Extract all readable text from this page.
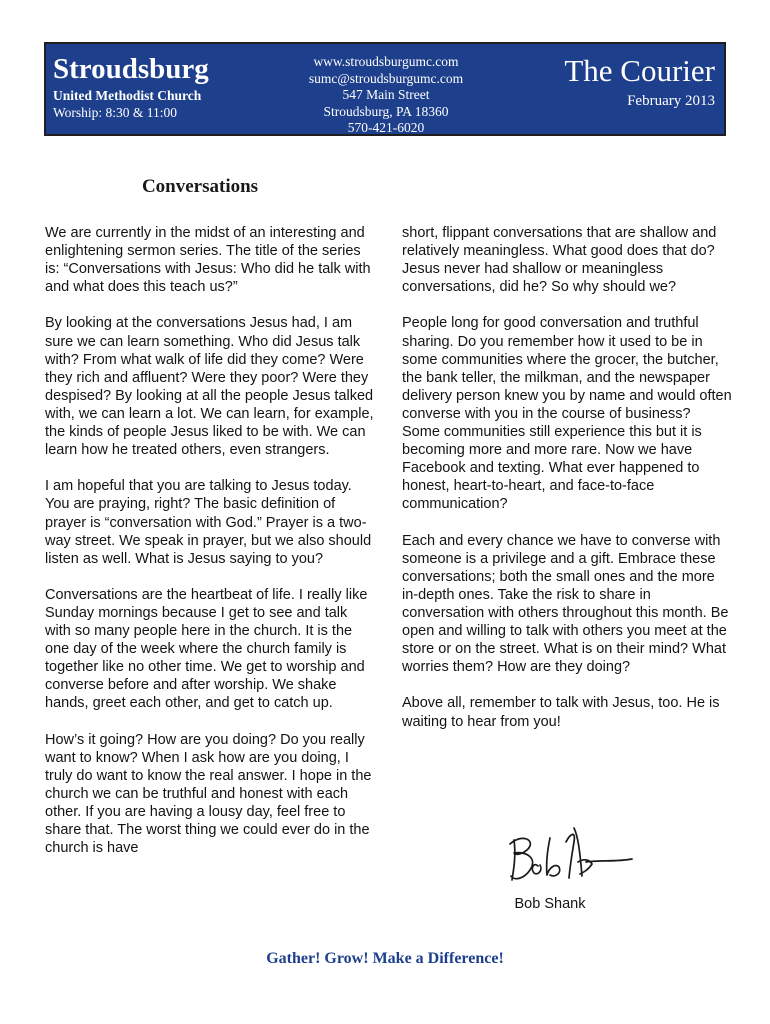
Stroudsburg
United Methodist Church
Worship: 8:30 & 11:00
www.stroudsburgumc.com
sumc@stroudsburgumc.com
547 Main Street
Stroudsburg, PA 18360
570-421-6020
The Courier
February 2013
Conversations

We are currently in the midst of an interesting and enlightening sermon series. The title of the series is: “Conversations with Jesus: Who did he talk with and what does this teach us?”

By looking at the conversations Jesus had, I am sure we can learn something. Who did Jesus talk with? From what walk of life did they come? Were they rich and affluent? Were they poor? Were they despised? By looking at all the people Jesus talked with, we can learn a lot. We can learn, for example, the kinds of people Jesus liked to be with. We can learn how he treated others, even strangers.

I am hopeful that you are talking to Jesus today. You are praying, right? The basic definition of prayer is “conversation with God.” Prayer is a two-way street. We speak in prayer, but we also should listen as well. What is Jesus saying to you?

Conversations are the heartbeat of life. I really like Sunday mornings because I get to see and talk with so many people here in the church. It is the one day of the week where the church family is together like no other time. We get to worship and converse before and after worship. We shake hands, greet each other, and get to catch up.

How’s it going? How are you doing? Do you really want to know? When I ask how are you doing, I truly do want to know the real answer. I hope in the church we can be truthful and honest with each other. If you are having a lousy day, feel free to share that. The worst thing we could ever do in the church is have

short, flippant conversations that are shallow and relatively meaningless. What good does that do? Jesus never had shallow or meaningless conversations, did he? So why should we?

People long for good conversation and truthful sharing. Do you remember how it used to be in some communities where the grocer, the butcher, the bank teller, the milkman, and the newspaper delivery person knew you by name and would often converse with you in the course of business? Some communities still experience this but it is becoming more and more rare. Now we have Facebook and texting. What ever happened to honest, heart-to-heart, and face-to-face communication?

Each and every chance we have to converse with someone is a privilege and a gift. Embrace these conversations; both the small ones and the more in-depth ones. Take the risk to share in conversation with others throughout this month. Be open and willing to talk with others you meet at the store or on the street. What is on their mind? What worries them? How are they doing?

Above all, remember to talk with Jesus, too. He is waiting to hear from you!

Bob Shank
Gather! Grow! Make a Difference!
